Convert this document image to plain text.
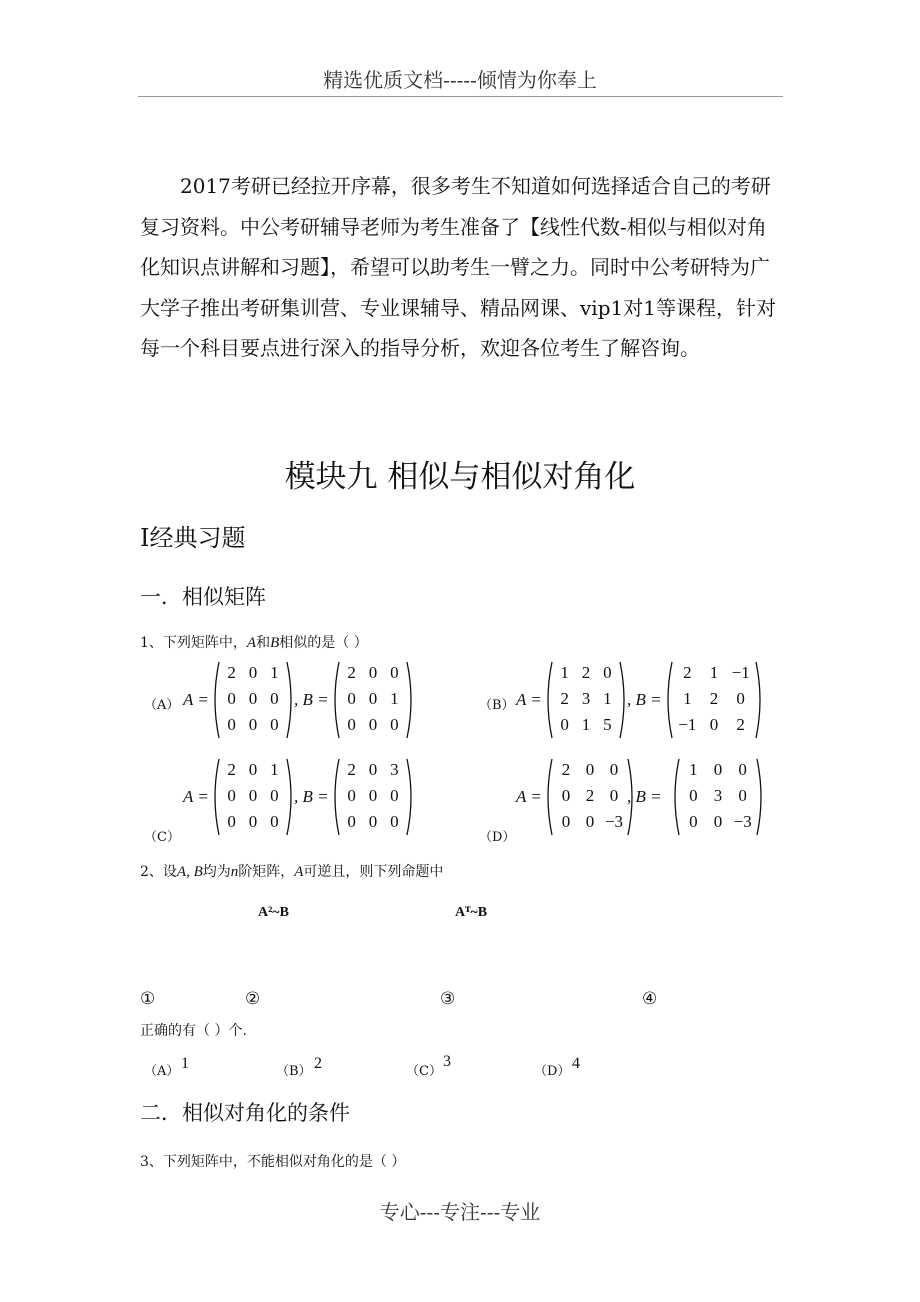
精选优质文档-----倾情为你奉上

2017考研已经拉开序幕，很多考生不知道如何选择适合自己的考研复习资料。中公考研辅导老师为考生准备了【线性代数-相似与相似对角化知识点讲解和习题】，希望可以助考生一臂之力。同时中公考研特为广大学子推出考研集训营、专业课辅导、精品网课、vip1对1等课程，针对每一个科目要点进行深入的指导分析，欢迎各位考生了解咨询。

模块九 相似与相似对角化
Ⅰ经典习题
一．相似矩阵
1、下列矩阵中，A和B相似的是（ ）
（A）	（B）
（C）	（D）
A =	, B =	A =	, B =
A =	, B =	A =	, B =
2 0 1
0 0 0
0 0 0
2 0 0
0 0 1
0 0 0
1 2 0
2 3 1
0 1 5
2 1 −1
1 2 0
−1 0 2
2 0 1
0 0 0
0 0 0
2 0 3
0 0 0
0 0 0
2 0 0
0 2 0
0 0 −3
1 0 0
0 3 0
0 0 −3
2、设A, B均为n阶矩阵，A可逆且，则下列命题中
A²~B	Aᵀ~B
①	②	③	④
正确的有（ ）个.
（A） 1	（B） 2	（C）
3
（D） 4
二．相似对角化的条件
3、下列矩阵中，不能相似对角化的是（ ）
专心---专注---专业
